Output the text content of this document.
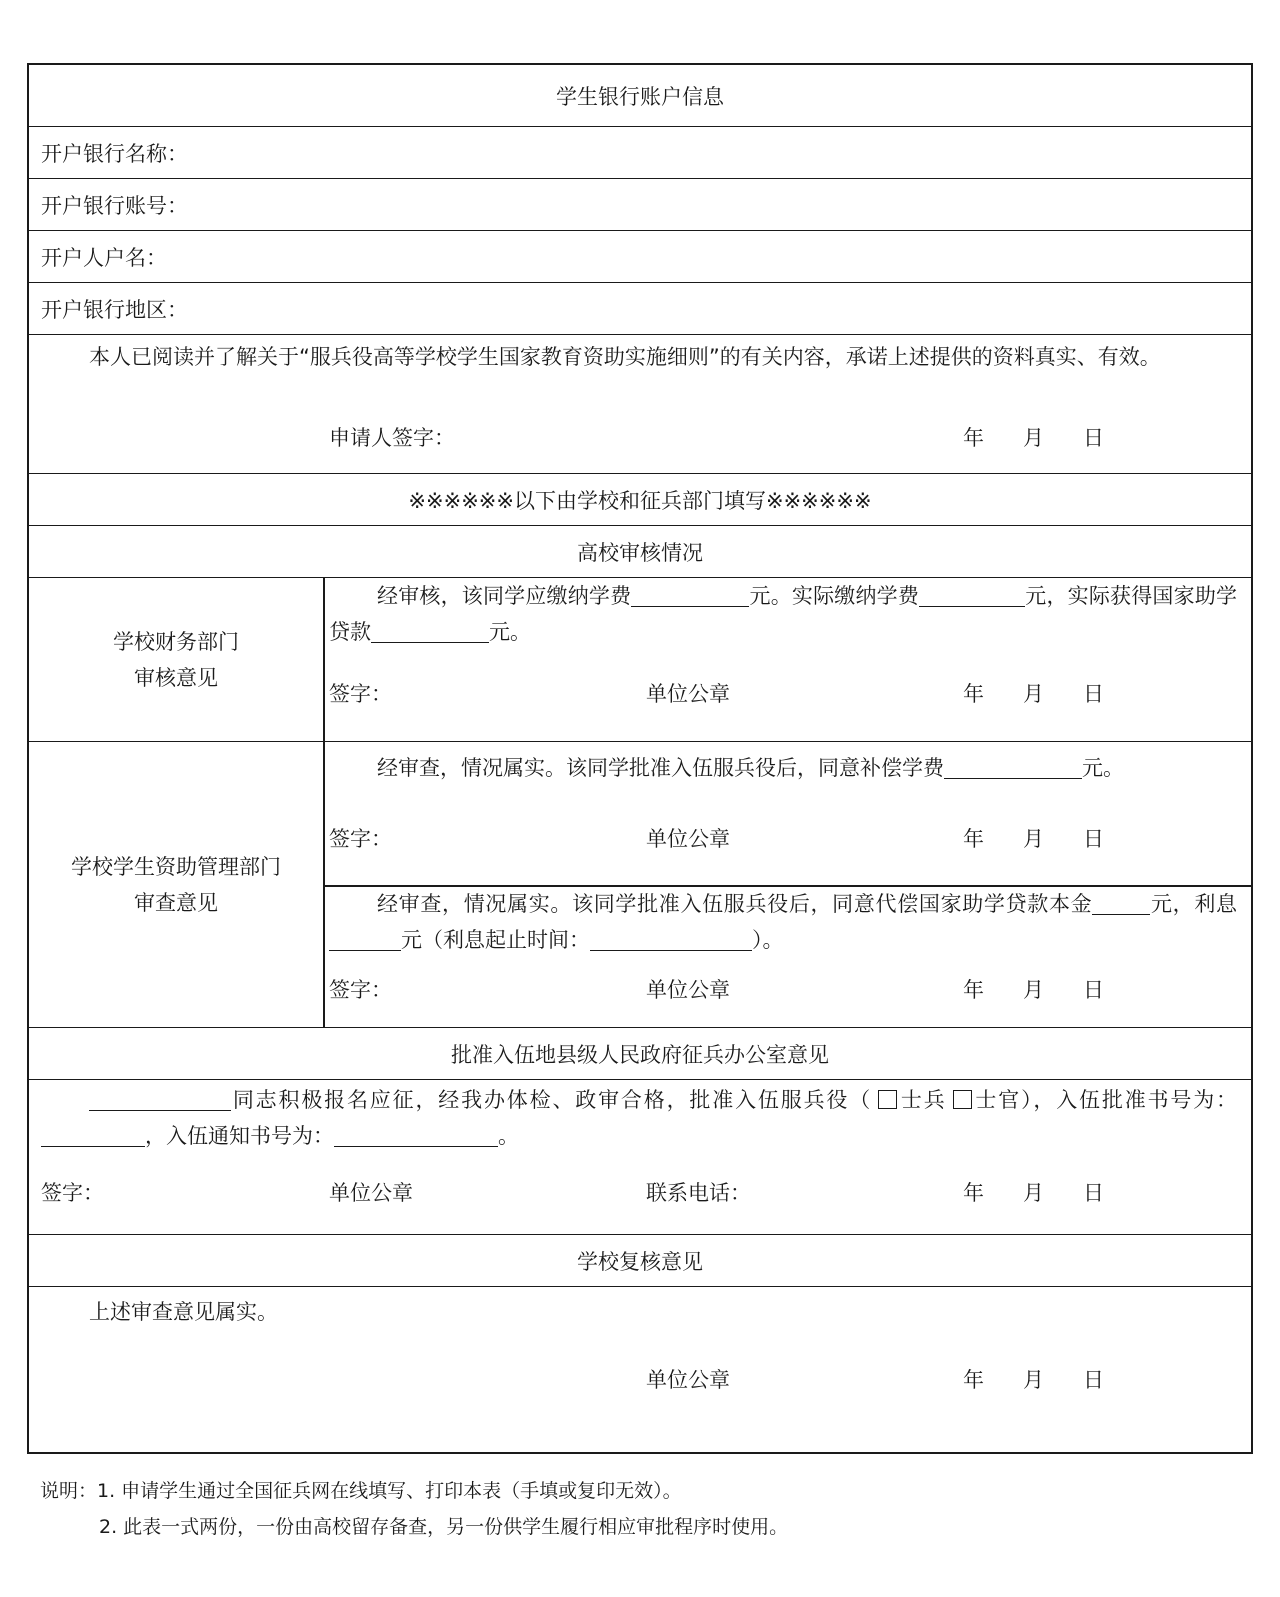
学生银行账户信息
开户银行名称：
开户银行账号：
开户人户名：
开户银行地区：
本人已阅读并了解关于“服兵役高等学校学生国家教育资助实施细则”的有关内容，承诺上述提供的资料真实、有效。
申请人签字：	年 月 日
※※※※※※以下由学校和征兵部门填写※※※※※※
高校审核情况
学校财务部门
审核意见
经审核，该同学应缴纳学费	元。实际缴纳学费	元，实际获得国家助学贷款	元。
签字：	单位公章	年 月 日
学校学生资助管理部门
审查意见
经审查，情况属实。该同学批准入伍服兵役后，同意补偿学费	元。
签字：	单位公章	年 月 日
经审查，情况属实。该同学批准入伍服兵役后，同意代偿国家助学贷款本金	元，利息元（利息起止时间：	）。
签字：	单位公章	年 月 日
批准入伍地县级人民政府征兵办公室意见
同志积极报名应征，经我办体检、政审合格，批准入伍服兵役（ 士兵 士官），入伍批准书号为：，入伍通知书号为：	。
签字：	单位公章	联系电话：	年 月 日
学校复核意见
上述审查意见属实。
单位公章	年 月 日
说明：1. 申请学生通过全国征兵网在线填写、打印本表（手填或复印无效）。
2. 此表一式两份，一份由高校留存备查，另一份供学生履行相应审批程序时使用。
